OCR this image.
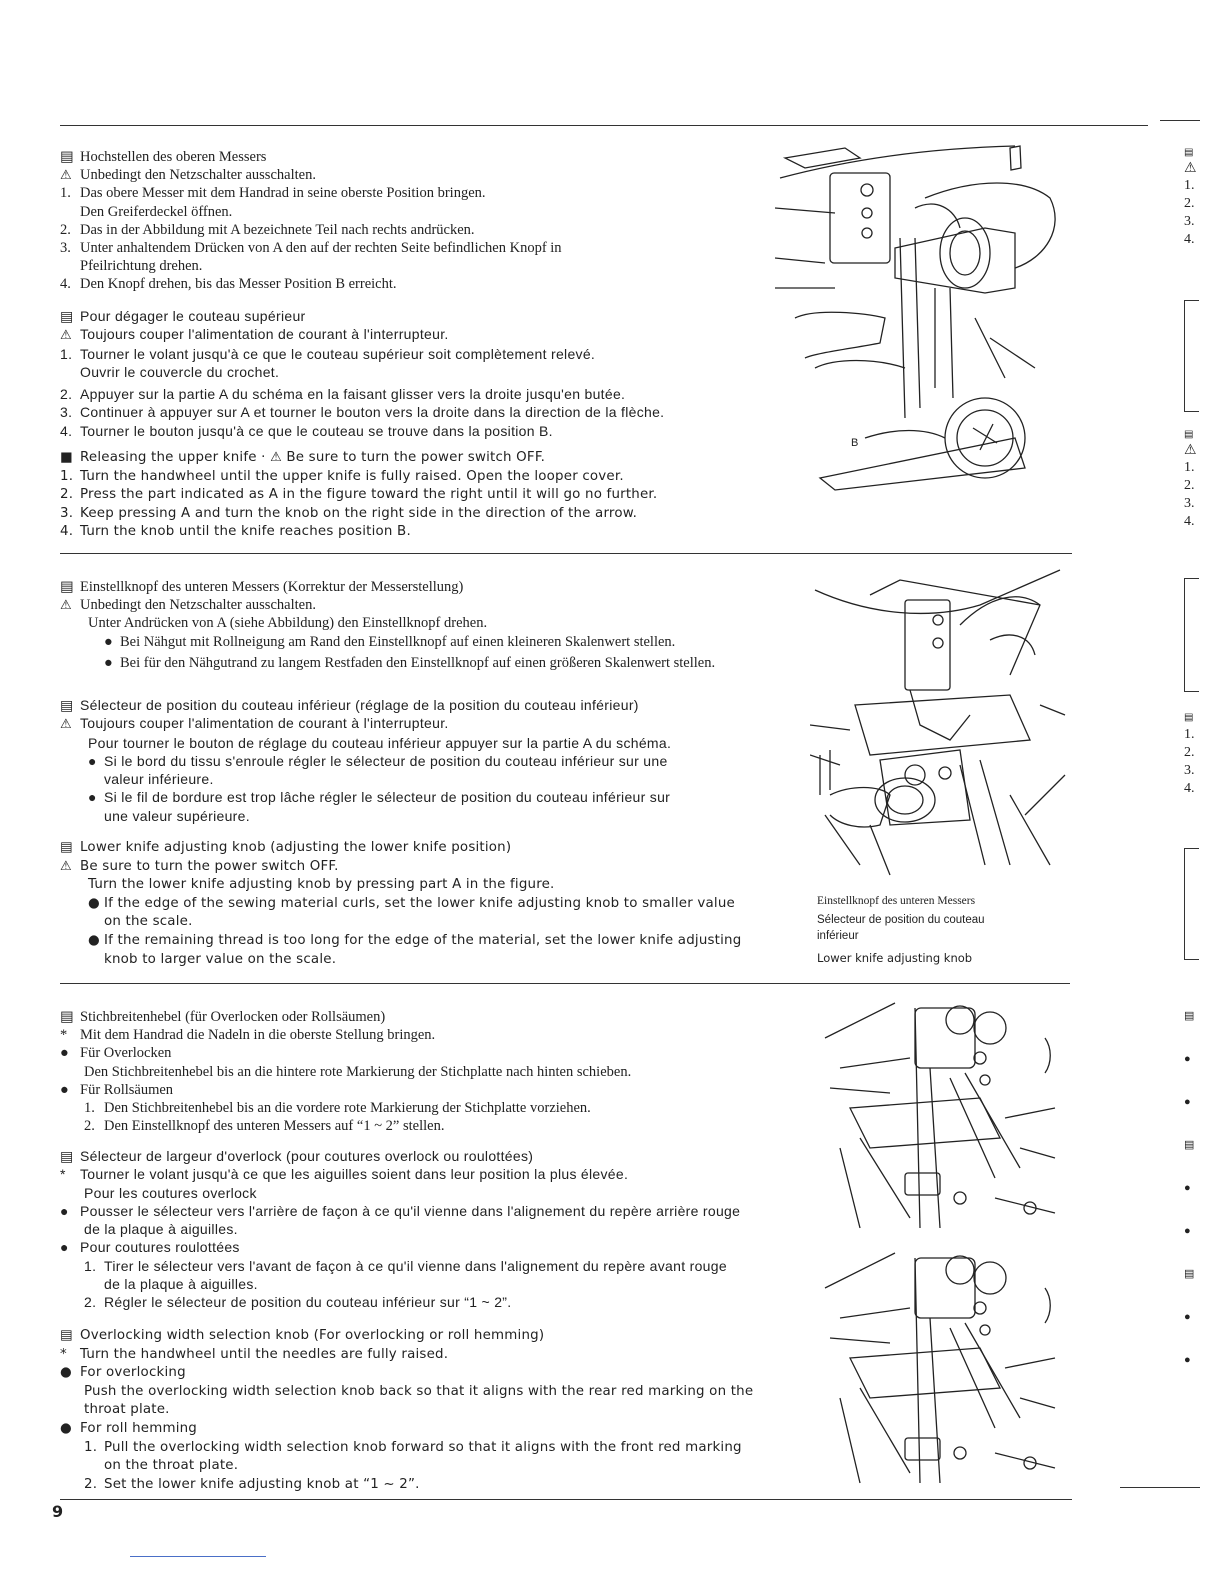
▤ Hochstellen des oberen Messers
⚠ Unbedingt den Netzschalter ausschalten.
1. Das obere Messer mit dem Handrad in seine oberste Position bringen.
Den Greiferdeckel öffnen.
2. Das in der Abbildung mit A bezeichnete Teil nach rechts andrücken.
3. Unter anhaltendem Drücken von A den auf der rechten Seite befindlichen Knopf in
Pfeilrichtung drehen.
4. Den Knopf drehen, bis das Messer Position B erreicht.
▤ Pour dégager le couteau supérieur
⚠ Toujours couper l'alimentation de courant à l'interrupteur.
1. Tourner le volant jusqu'à ce que le couteau supérieur soit complètement relevé.
Ouvrir le couvercle du crochet.
2. Appuyer sur la partie A du schéma en la faisant glisser vers la droite jusqu'en butée.
3. Continuer à appuyer sur A et tourner le bouton vers la droite dans la direction de la flèche.
4. Tourner le bouton jusqu'à ce que le couteau se trouve dans la position B.
■ Releasing the upper knife · ⚠ Be sure to turn the power switch OFF.
1. Turn the handwheel until the upper knife is fully raised. Open the looper cover.
2. Press the part indicated as A in the figure toward the right until it will go no further.
3. Keep pressing A and turn the knob on the right side in the direction of the arrow.
4. Turn the knob until the knife reaches position B.
B
▤ Einstellknopf des unteren Messers (Korrektur der Messerstellung)
⚠ Unbedingt den Netzschalter ausschalten.
Unter Andrücken von A (siehe Abbildung) den Einstellknopf drehen.
● Bei Nähgut mit Rollneigung am Rand den Einstellknopf auf einen kleineren Skalenwert stellen.
● Bei für den Nähgutrand zu langem Restfaden den Einstellknopf auf einen größeren Skalenwert stellen.
▤ Sélecteur de position du couteau inférieur (réglage de la position du couteau inférieur)
⚠ Toujours couper l'alimentation de courant à l'interrupteur.
Pour tourner le bouton de réglage du couteau inférieur appuyer sur la partie A du schéma.
● Si le bord du tissu s'enroule régler le sélecteur de position du couteau inférieur sur une
valeur inférieure.
● Si le fil de bordure est trop lâche régler le sélecteur de position du couteau inférieur sur
une valeur supérieure.
▤ Lower knife adjusting knob (adjusting the lower knife position)
⚠ Be sure to turn the power switch OFF.
Turn the lower knife adjusting knob by pressing part A in the figure.
● If the edge of the sewing material curls, set the lower knife adjusting knob to smaller value
on the scale.
● If the remaining thread is too long for the edge of the material, set the lower knife adjusting
knob to larger value on the scale.
Einstellknopf des unteren Messers
Sélecteur de position du couteau
inférieur
Lower knife adjusting knob
▤ Stichbreitenhebel (für Overlocken oder Rollsäumen)
* Mit dem Handrad die Nadeln in die oberste Stellung bringen.
● Für Overlocken
Den Stichbreitenhebel bis an die hintere rote Markierung der Stichplatte nach hinten schieben.
● Für Rollsäumen
1. Den Stichbreitenhebel bis an die vordere rote Markierung der Stichplatte vorziehen.
2. Den Einstellknopf des unteren Messers auf “1 ~ 2” stellen.
▤ Sélecteur de largeur d'overlock (pour coutures overlock ou roulottées)
* Tourner le volant jusqu'à ce que les aiguilles soient dans leur position la plus élevée.
Pour les coutures overlock
● Pousser le sélecteur vers l'arrière de façon à ce qu'il vienne dans l'alignement du repère arrière rouge
de la plaque à aiguilles.
● Pour coutures roulottées
1. Tirer le sélecteur vers l'avant de façon à ce qu'il vienne dans l'alignement du repère avant rouge
de la plaque à aiguilles.
2. Régler le sélecteur de position du couteau inférieur sur “1 ~ 2”.
▤ Overlocking width selection knob (For overlocking or roll hemming)
* Turn the handwheel until the needles are fully raised.
● For overlocking
Push the overlocking width selection knob back so that it aligns with the rear red marking on the
throat plate.
● For roll hemming
1. Pull the overlocking width selection knob forward so that it aligns with the front red marking
on the throat plate.
2. Set the lower knife adjusting knob at “1 ~ 2”.
▤
⚠
1.
2.
3.
4.
▤
⚠
1.
2.
3.
4.
▤
1.
2.
3.
4.
▤
●
●
▤
●
●
▤
●
●
9
